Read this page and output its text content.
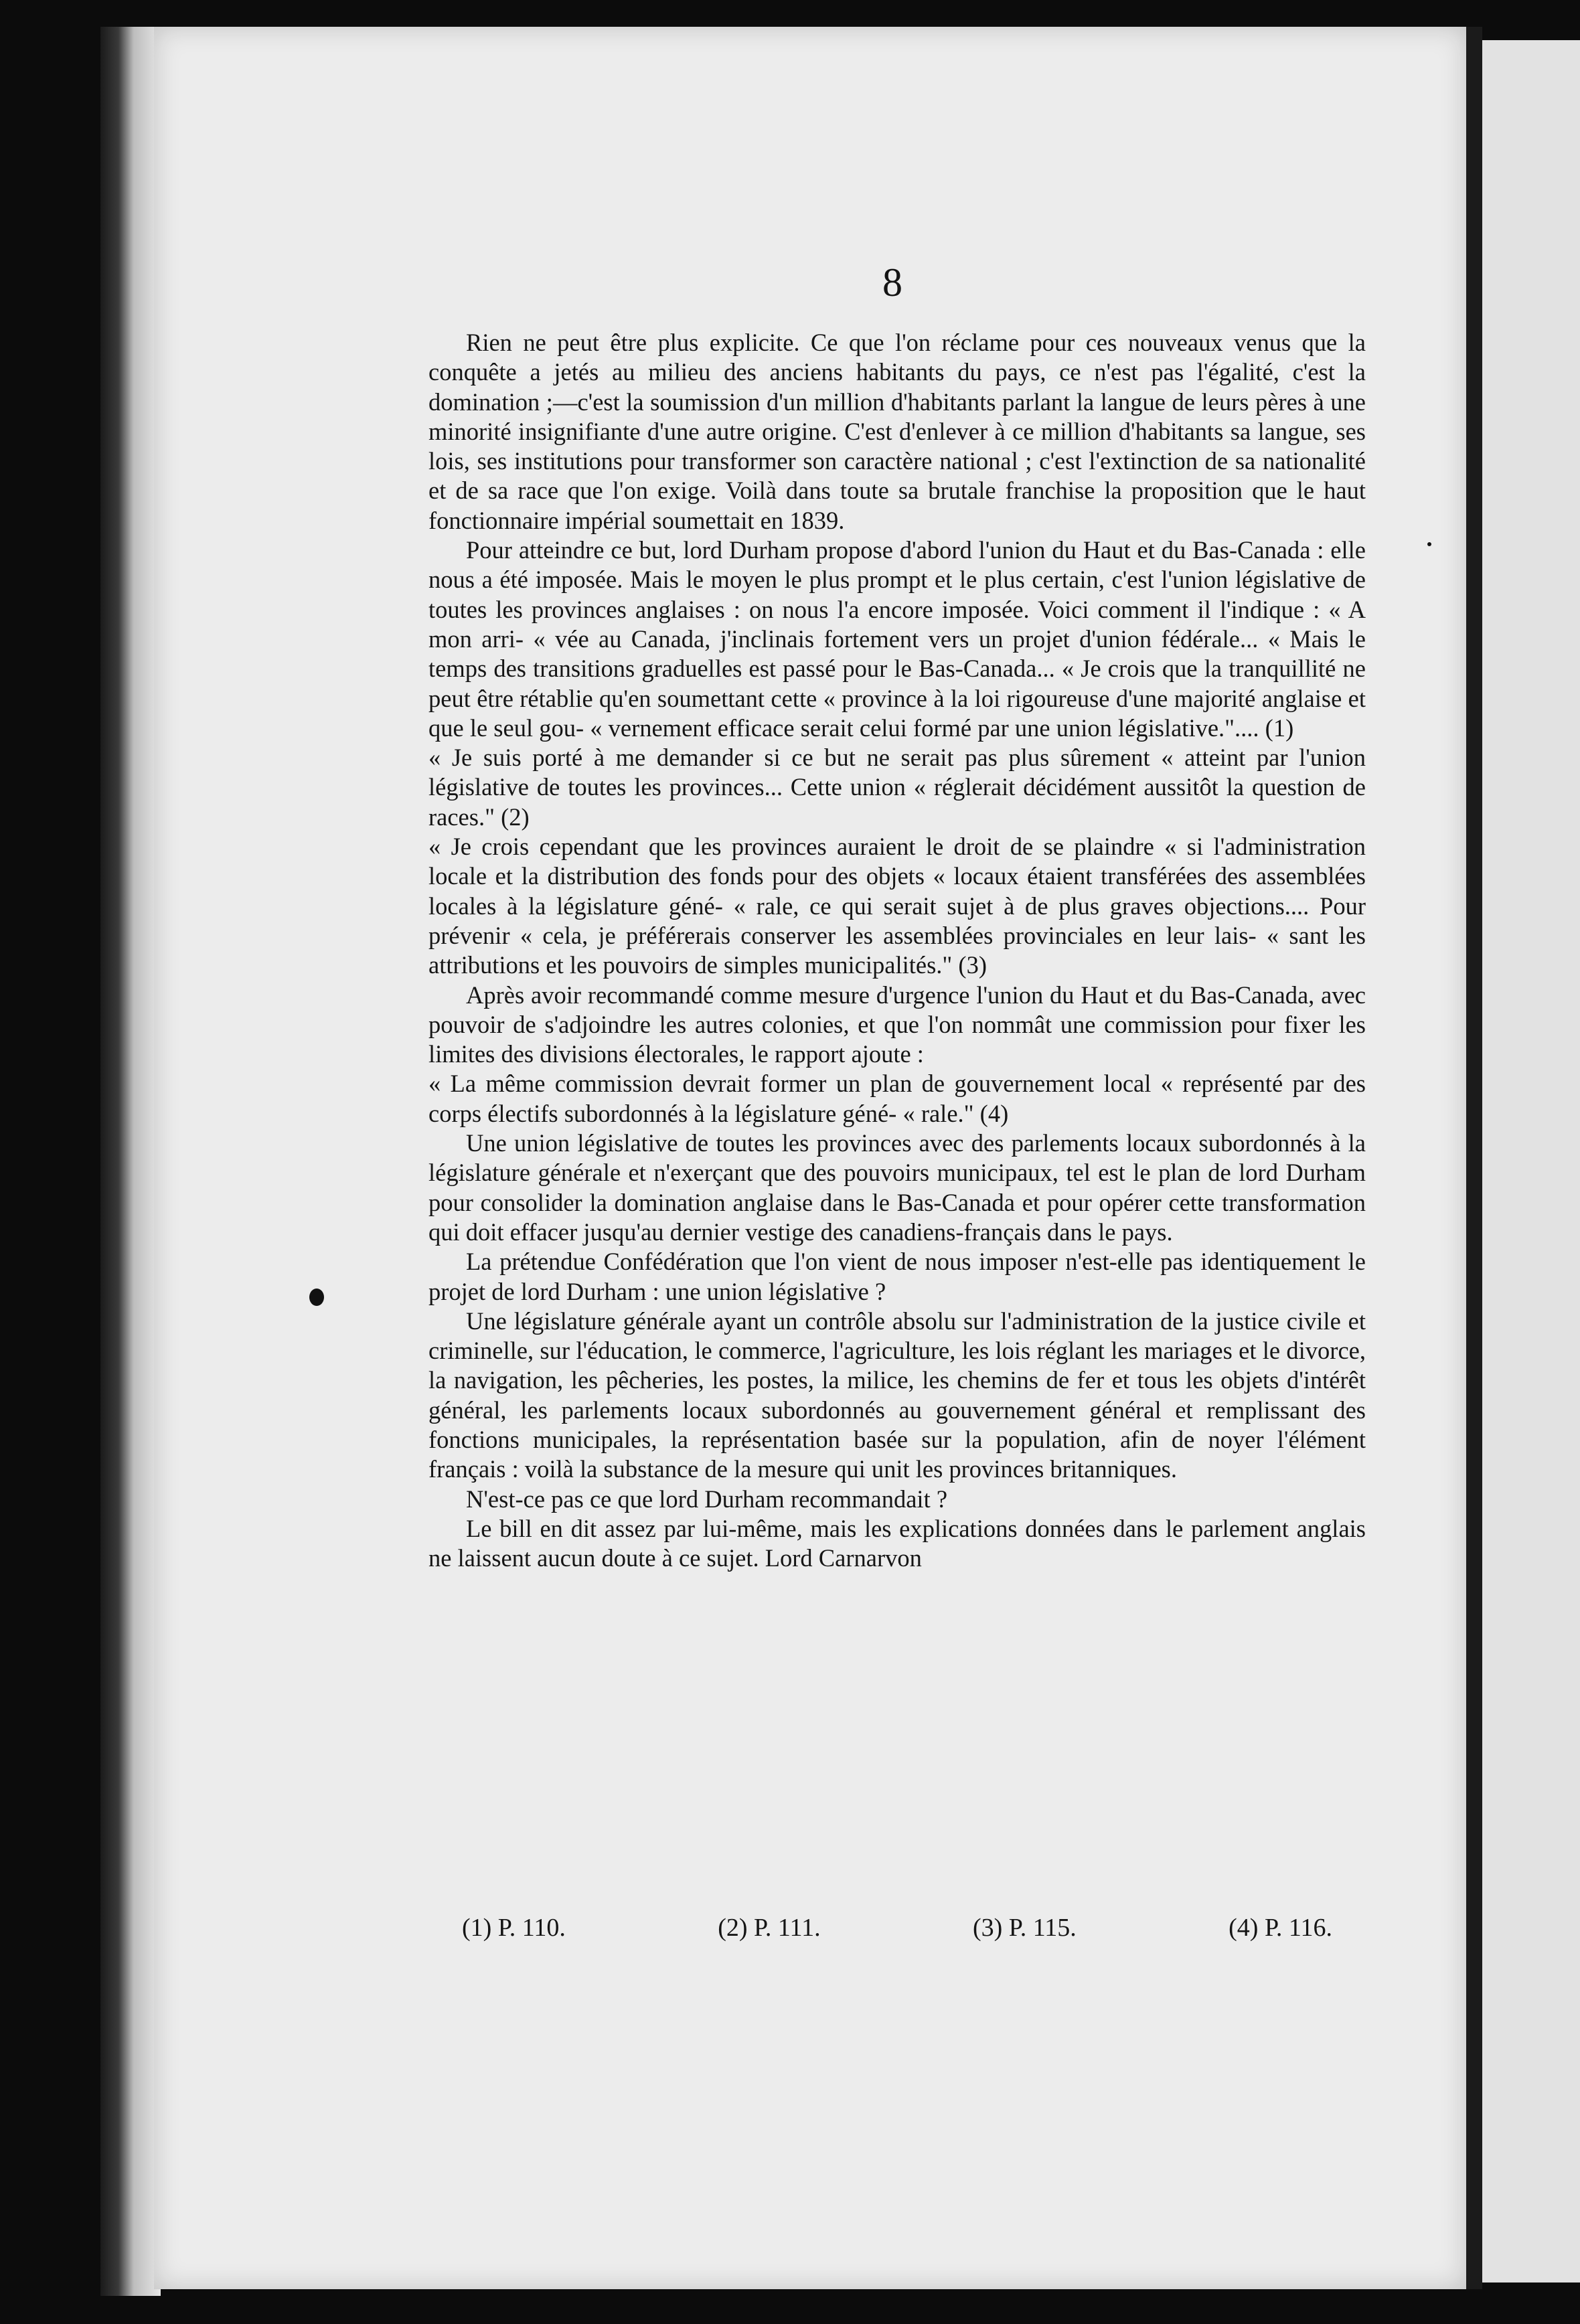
8

Rien ne peut être plus explicite. Ce que l'on réclame pour ces nouveaux venus que la conquête a jetés au milieu des anciens habitants du pays, ce n'est pas l'égalité, c'est la domination ;—c'est la soumission d'un million d'habitants parlant la langue de leurs pères à une minorité insignifiante d'une autre origine. C'est d'enlever à ce million d'habitants sa langue, ses lois, ses institutions pour transformer son caractère national ; c'est l'extinction de sa nationalité et de sa race que l'on exige. Voilà dans toute sa brutale franchise la proposition que le haut fonctionnaire impérial soumettait en 1839.

Pour atteindre ce but, lord Durham propose d'abord l'union du Haut et du Bas-Canada : elle nous a été imposée. Mais le moyen le plus prompt et le plus certain, c'est l'union législative de toutes les provinces anglaises : on nous l'a encore imposée. Voici comment il l'indique : « A mon arri- « vée au Canada, j'inclinais fortement vers un projet d'union fédérale... « Mais le temps des transitions graduelles est passé pour le Bas-Canada... « Je crois que la tranquillité ne peut être rétablie qu'en soumettant cette « province à la loi rigoureuse d'une majorité anglaise et que le seul gou- « vernement efficace serait celui formé par une union législative.".... (1)

« Je suis porté à me demander si ce but ne serait pas plus sûrement « atteint par l'union législative de toutes les provinces... Cette union « réglerait décidément aussitôt la question de races." (2)

« Je crois cependant que les provinces auraient le droit de se plaindre « si l'administration locale et la distribution des fonds pour des objets « locaux étaient transférées des assemblées locales à la législature géné- « rale, ce qui serait sujet à de plus graves objections.... Pour prévenir « cela, je préférerais conserver les assemblées provinciales en leur lais- « sant les attributions et les pouvoirs de simples municipalités." (3)

Après avoir recommandé comme mesure d'urgence l'union du Haut et du Bas-Canada, avec pouvoir de s'adjoindre les autres colonies, et que l'on nommât une commission pour fixer les limites des divisions électorales, le rapport ajoute :

« La même commission devrait former un plan de gouvernement local « représenté par des corps électifs subordonnés à la législature géné- « rale." (4)

Une union législative de toutes les provinces avec des parlements locaux subordonnés à la législature générale et n'exerçant que des pouvoirs municipaux, tel est le plan de lord Durham pour consolider la domination anglaise dans le Bas-Canada et pour opérer cette transformation qui doit effacer jusqu'au dernier vestige des canadiens-français dans le pays.

La prétendue Confédération que l'on vient de nous imposer n'est-elle pas identiquement le projet de lord Durham : une union législative ?

Une législature générale ayant un contrôle absolu sur l'administration de la justice civile et criminelle, sur l'éducation, le commerce, l'agriculture, les lois réglant les mariages et le divorce, la navigation, les pêcheries, les postes, la milice, les chemins de fer et tous les objets d'intérêt général, les parlements locaux subordonnés au gouvernement général et remplissant des fonctions municipales, la représentation basée sur la population, afin de noyer l'élément français : voilà la substance de la mesure qui unit les provinces britanniques.

N'est-ce pas ce que lord Durham recommandait ?

Le bill en dit assez par lui-même, mais les explications données dans le parlement anglais ne laissent aucun doute à ce sujet. Lord Carnarvon

(1) P. 110.	(2) P. 111.	(3) P. 115.	(4) P. 116.
